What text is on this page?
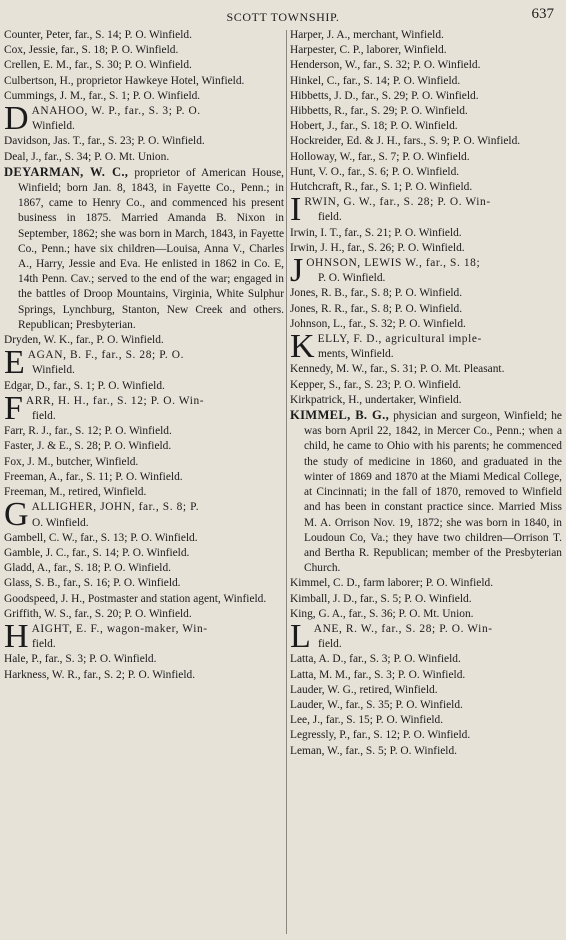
SCOTT TOWNSHIP.	637

Counter, Peter, far., S. 14; P. O. Winfield.

Cox, Jessie, far., S. 18; P. O. Winfield.

Crellen, E. M., far., S. 30; P. O. Winfield.

Culbertson, H., proprietor Hawkeye Hotel, Winfield.

Cummings, J. M., far., S. 1; P. O. Winfield.

DANAHOO, W. P., far., S. 3; P. O.
Winfield.

Davidson, Jas. T., far., S. 23; P. O. Winfield.

Deal, J., far., S. 34; P. O. Mt. Union.

DEYARMAN, W. C., proprietor of American House, Winfield; born Jan. 8, 1843, in Fayette Co., Penn.; in 1867, came to Henry Co., and commenced his present business in 1875. Married Amanda B. Nixon in September, 1862; she was born in March, 1843, in Fayette Co., Penn.; have six children—Louisa, Anna V., Charles A., Harry, Jessie and Eva. He enlisted in 1862 in Co. E, 14th Penn. Cav.; served to the end of the war; engaged in the battles of Droop Mountains, Virginia, White Sulphur Springs, Lynchburg, Stanton, New Creek and others. Republican; Presbyterian.

Dryden, W. K., far., P. O. Winfield.

EAGAN, B. F., far., S. 28; P. O.
Winfield.

Edgar, D., far., S. 1; P. O. Winfield.

FARR, H. H., far., S. 12; P. O. Win-
field.

Farr, R. J., far., S. 12; P. O. Winfield.

Faster, J. & E., S. 28; P. O. Winfield.

Fox, J. M., butcher, Winfield.

Freeman, A., far., S. 11; P. O. Winfield.

Freeman, M., retired, Winfield.

GALLIGHER, JOHN, far., S. 8; P.
O. Winfield.

Gambell, C. W., far., S. 13; P. O. Winfield.

Gamble, J. C., far., S. 14; P. O. Winfield.

Gladd, A., far., S. 18; P. O. Winfield.

Glass, S. B., far., S. 16; P. O. Winfield.

Goodspeed, J. H., Postmaster and station agent, Winfield.

Griffith, W. S., far., S. 20; P. O. Winfield.

HAIGHT, E. F., wagon-maker, Win-
field.

Hale, P., far., S. 3; P. O. Winfield.

Harkness, W. R., far., S. 2; P. O. Winfield.

Harper, J. A., merchant, Winfield.

Harpester, C. P., laborer, Winfield.

Henderson, W., far., S. 32; P. O. Winfield.

Hinkel, C., far., S. 14; P. O. Winfield.

Hibbetts, J. D., far., S. 29; P. O. Winfield.

Hibbetts, R., far., S. 29; P. O. Winfield.

Hobert, J., far., S. 18; P. O. Winfield.

Hockreider, Ed. & J. H., fars., S. 9; P. O. Winfield.

Holloway, W., far., S. 7; P. O. Winfield.

Hunt, V. O., far., S. 6; P. O. Winfield.

Hutchcraft, R., far., S. 1; P. O. Winfield.

IRWIN, G. W., far., S. 28; P. O. Win-
field.

Irwin, I. T., far., S. 21; P. O. Winfield.

Irwin, J. H., far., S. 26; P. O. Winfield.

JOHNSON, LEWIS W., far., S. 18;
P. O. Winfield.

Jones, R. B., far., S. 8; P. O. Winfield.

Jones, R. R., far., S. 8; P. O. Winfield.

Johnson, L., far., S. 32; P. O. Winfield.

KELLY, F. D., agricultural imple-
ments, Winfield.

Kennedy, M. W., far., S. 31; P. O. Mt. Pleasant.

Kepper, S., far., S. 23; P. O. Winfield.

Kirkpatrick, H., undertaker, Winfield.

KIMMEL, B. G., physician and surgeon, Winfield; he was born April 22, 1842, in Mercer Co., Penn.; when a child, he came to Ohio with his parents; he commenced the study of medicine in 1860, and graduated in the winter of 1869 and 1870 at the Miami Medical College, at Cincinnati; in the fall of 1870, removed to Winfield and has been in constant practice since. Married Miss M. A. Orrison Nov. 19, 1872; she was born in 1840, in Loudoun Co, Va.; they have two children—Orrison T. and Bertha R. Republican; member of the Presbyterian Church.

Kimmel, C. D., farm laborer; P. O. Winfield.

Kimball, J. D., far., S. 5; P. O. Winfield.

King, G. A., far., S. 36; P. O. Mt. Union.

LANE, R. W., far., S. 28; P. O. Win-
field.

Latta, A. D., far., S. 3; P. O. Winfield.

Latta, M. M., far., S. 3; P. O. Winfield.

Lauder, W. G., retired, Winfield.

Lauder, W., far., S. 35; P. O. Winfield.

Lee, J., far., S. 15; P. O. Winfield.

Legressly, P., far., S. 12; P. O. Winfield.

Leman, W., far., S. 5; P. O. Winfield.
